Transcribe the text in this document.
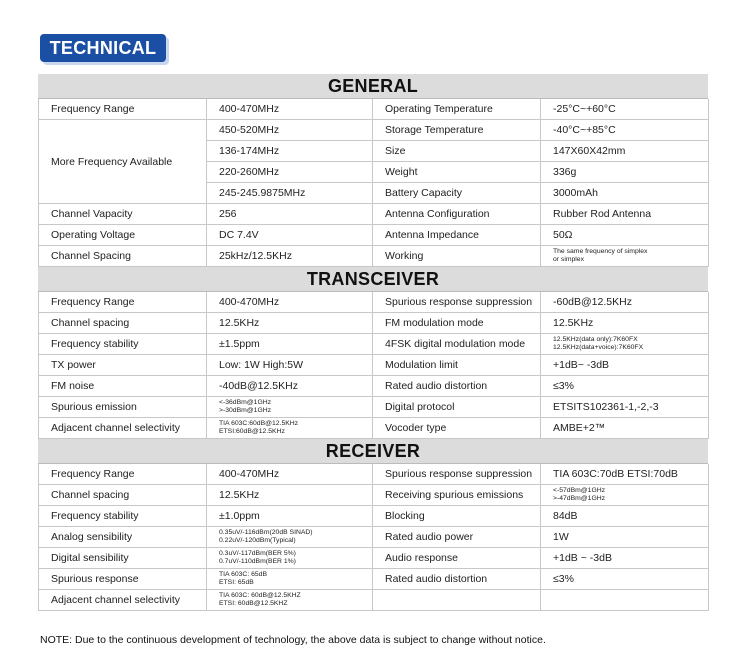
TECHNICAL
GENERAL
Frequency Range	400-470MHz	Operating Temperature	-25°C~+60°C
More Frequency Available
450-520MHz	Storage Temperature	-40°C~+85°C
136-174MHz	Size	147X60X42mm
220-260MHz	Weight	336g
245-245.9875MHz	Battery Capacity	3000mAh
Channel Vapacity	256	Antenna Configuration	Rubber Rod Antenna
Operating Voltage	DC 7.4V	Antenna Impedance	50Ω
Channel Spacing	25kHz/12.5KHz	Working	The same frequency of simplex
or simplex
TRANSCEIVER
Frequency Range	400-470MHz	Spurious response suppression	-60dB@12.5KHz
Channel spacing	12.5KHz	FM modulation mode	12.5KHz
Frequency stability	±1.5ppm	4FSK digital modulation mode	12.5KHz(data only):7K60FX
12.5KHz(data+voice):7K60FX
TX power	Low: 1W High:5W	Modulation limit	+1dB~ -3dB
FM noise	-40dB@12.5KHz	Rated audio distortion	≤3%
Spurious emission	<-36dBm@1GHz
>-30dBm@1GHz	Digital protocol	ETSITS102361-1,-2,-3
Adjacent channel selectivity	TIA 603C:60dB@12.5KHz
ETSI:60dB@12.5KHz	Vocoder type	AMBE+2™
RECEIVER
Frequency Range	400-470MHz	Spurious response suppression	TIA 603C:70dB ETSI:70dB
Channel spacing	12.5KHz	Receiving spurious emissions	<-57dBm@1GHz
>-47dBm@1GHz
Frequency stability	±1.0ppm	Blocking	84dB
Analog sensibility	0.35uV/-116dBm(20dB SINAD)
0.22uV/-120dBm(Typical)	Rated audio power	1W
Digital sensibility	0.3uV/-117dBm(BER 5%)
0.7uV/-110dBm(BER 1%)	Audio response	+1dB ~ -3dB
Spurious response	TIA 603C: 65dB
ETSI: 65dB	Rated audio distortion	≤3%
Adjacent channel selectivity	TIA 603C: 60dB@12.5KHZ
ETSI: 60dB@12.5KHZ
NOTE: Due to the continuous development of technology, the above data is subject to change without notice.
